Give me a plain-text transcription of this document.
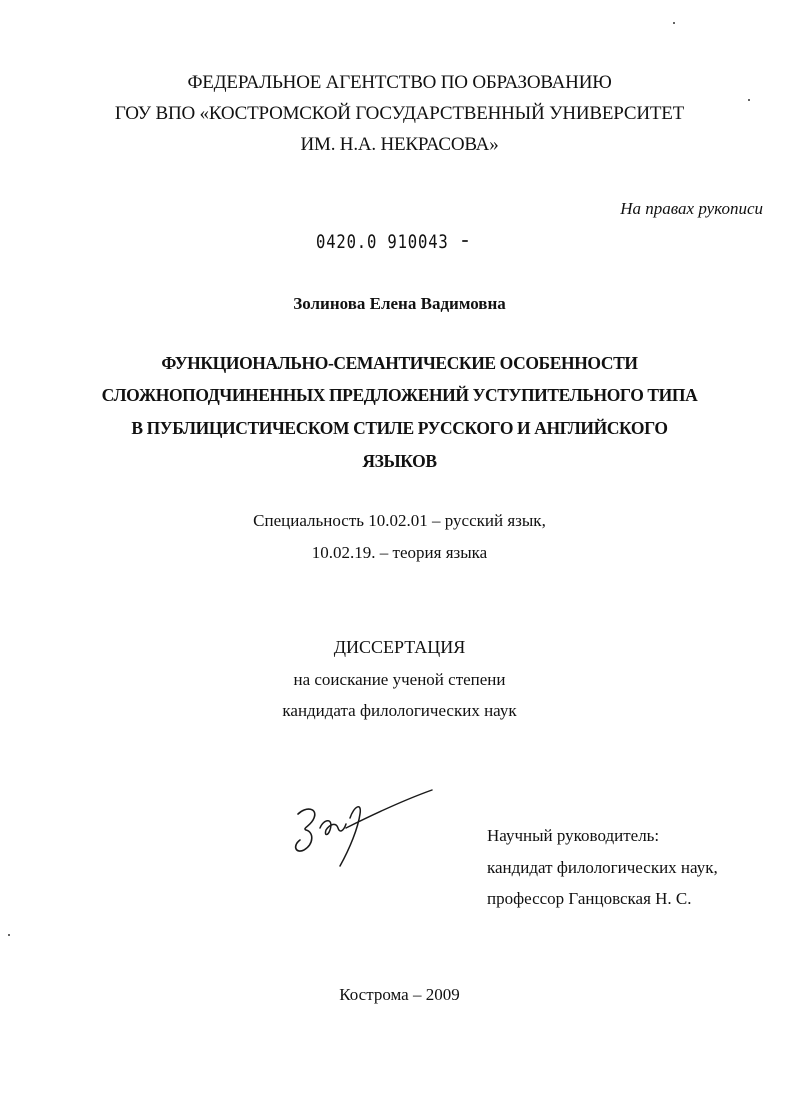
ФЕДЕРАЛЬНОЕ АГЕНТСТВО ПО ОБРАЗОВАНИЮ
ГОУ ВПО «КОСТРОМСКОЙ ГОСУДАРСТВЕННЫЙ УНИВЕРСИТЕТ
ИМ. Н.А. НЕКРАСОВА»
На правах рукописи
0420.0 910043
Золинова Елена Вадимовна
ФУНКЦИОНАЛЬНО-СЕМАНТИЧЕСКИЕ ОСОБЕННОСТИ
СЛОЖНОПОДЧИНЕННЫХ ПРЕДЛОЖЕНИЙ УСТУПИТЕЛЬНОГО ТИПА
В ПУБЛИЦИСТИЧЕСКОМ СТИЛЕ РУССКОГО И АНГЛИЙСКОГО
ЯЗЫКОВ
Специальность 10.02.01 – русский язык,
10.02.19. – теория языка
ДИССЕРТАЦИЯ
на соискание ученой степени
кандидата филологических наук
Научный руководитель:
кандидат филологических наук,
профессор Ганцовская Н. С.
Кострома – 2009
